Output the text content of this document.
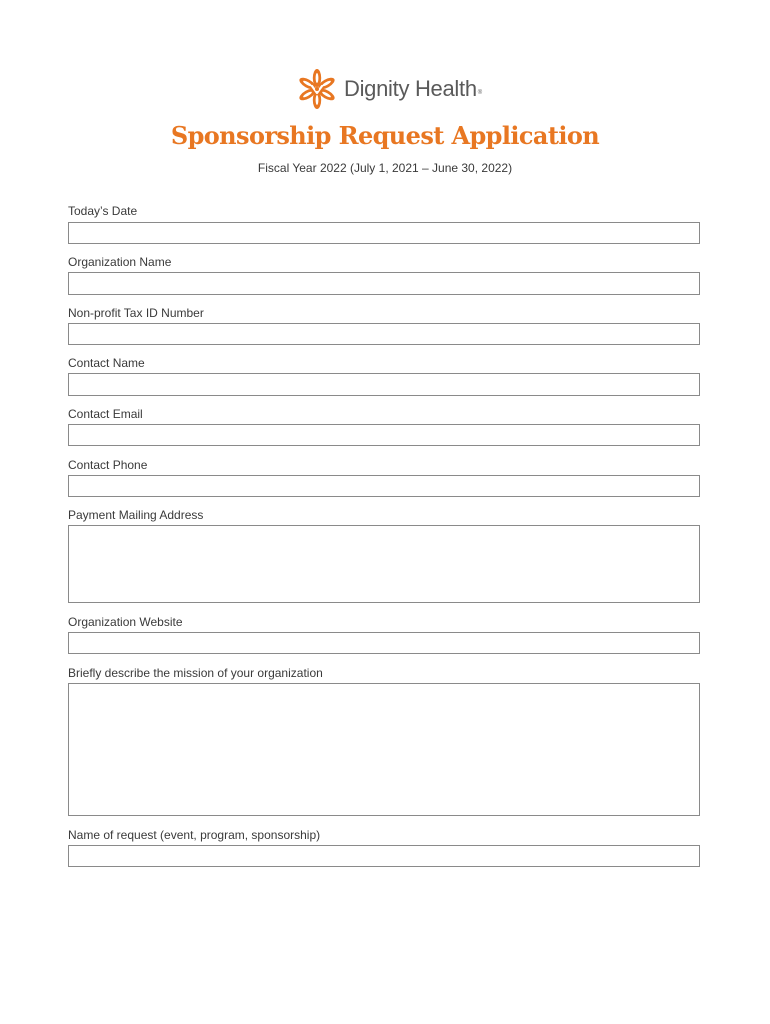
Dignity Health®
Sponsorship Request Application
Fiscal Year 2022 (July 1, 2021 – June 30, 2022)
Today’s Date
Organization Name
Non-profit Tax ID Number
Contact Name
Contact Email
Contact Phone
Payment Mailing Address
Organization Website
Briefly describe the mission of your organization
Name of request (event, program, sponsorship)
